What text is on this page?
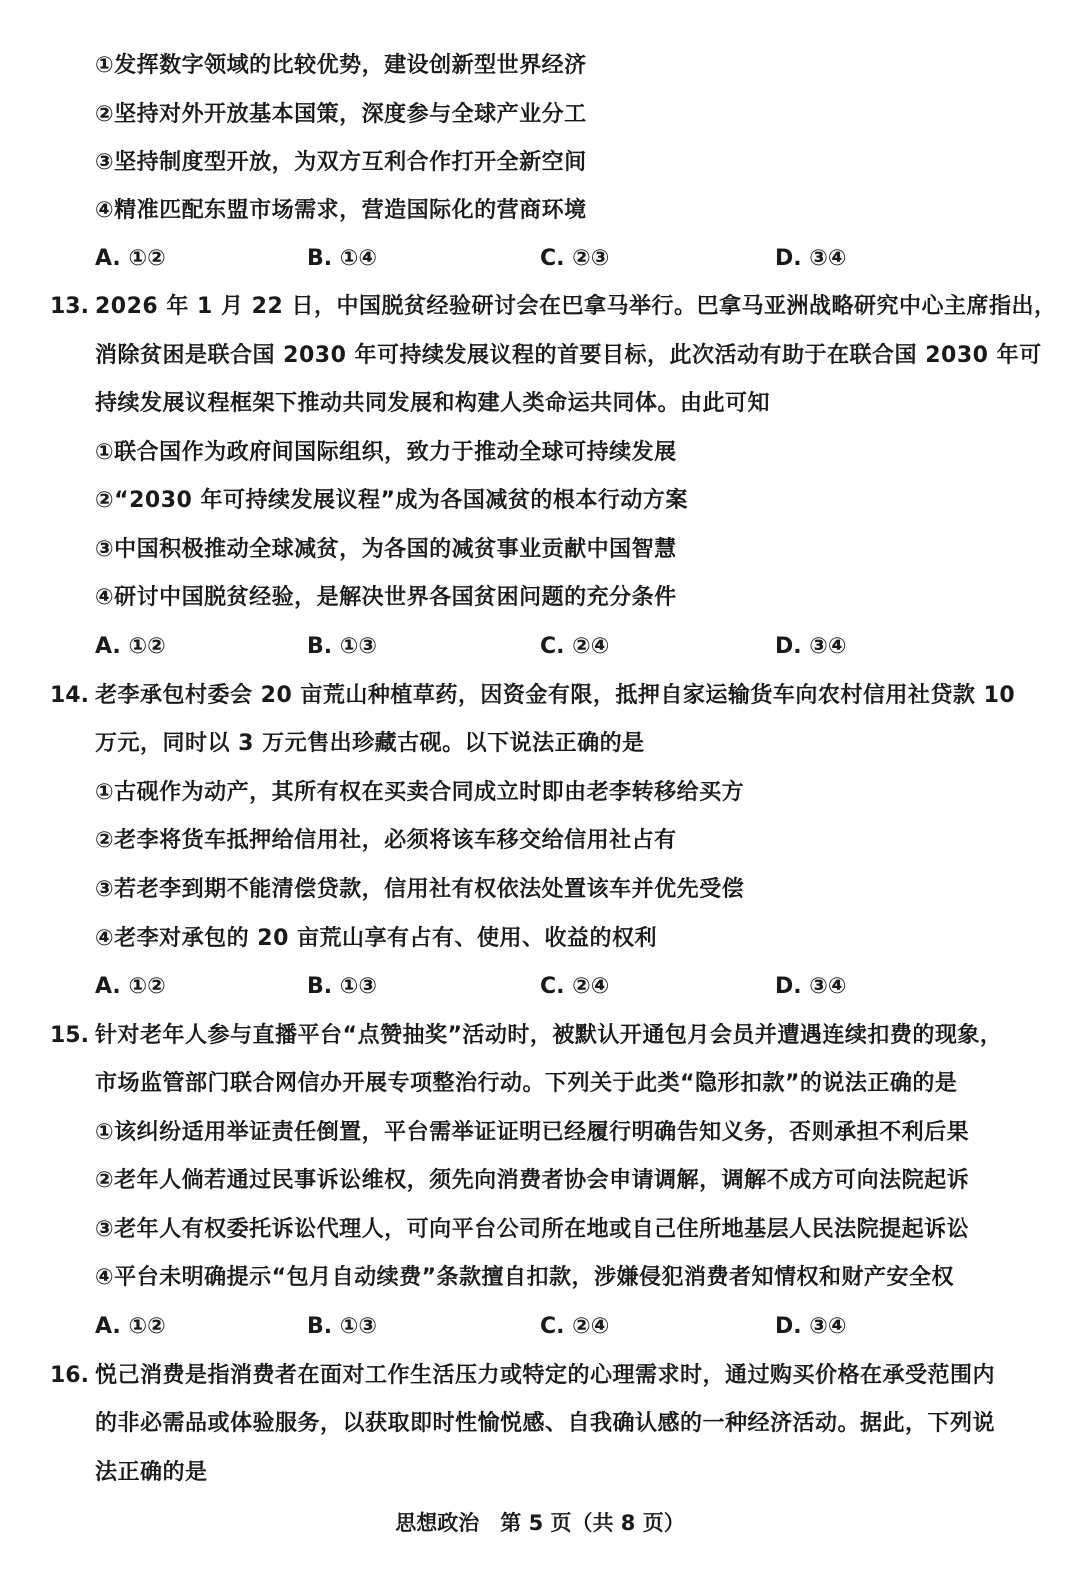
①发挥数字领域的比较优势，建设创新型世界经济
②坚持对外开放基本国策，深度参与全球产业分工
③坚持制度型开放，为双方互利合作打开全新空间
④精准匹配东盟市场需求，营造国际化的营商环境
A. ①②	B. ①④	C. ②③	D. ③④
13. 2026 年 1 月 22 日，中国脱贫经验研讨会在巴拿马举行。巴拿马亚洲战略研究中心主席指出，
消除贫困是联合国 2030 年可持续发展议程的首要目标，此次活动有助于在联合国 2030 年可
持续发展议程框架下推动共同发展和构建人类命运共同体。由此可知
①联合国作为政府间国际组织，致力于推动全球可持续发展
②“2030 年可持续发展议程”成为各国减贫的根本行动方案
③中国积极推动全球减贫，为各国的减贫事业贡献中国智慧
④研讨中国脱贫经验，是解决世界各国贫困问题的充分条件
A. ①②	B. ①③	C. ②④	D. ③④
14. 老李承包村委会 20 亩荒山种植草药，因资金有限，抵押自家运输货车向农村信用社贷款 10
万元，同时以 3 万元售出珍藏古砚。以下说法正确的是
①古砚作为动产，其所有权在买卖合同成立时即由老李转移给买方
②老李将货车抵押给信用社，必须将该车移交给信用社占有
③若老李到期不能清偿贷款，信用社有权依法处置该车并优先受偿
④老李对承包的 20 亩荒山享有占有、使用、收益的权利
A. ①②	B. ①③	C. ②④	D. ③④
15. 针对老年人参与直播平台“点赞抽奖”活动时，被默认开通包月会员并遭遇连续扣费的现象，
市场监管部门联合网信办开展专项整治行动。下列关于此类“隐形扣款”的说法正确的是
①该纠纷适用举证责任倒置，平台需举证证明已经履行明确告知义务，否则承担不利后果
②老年人倘若通过民事诉讼维权，须先向消费者协会申请调解，调解不成方可向法院起诉
③老年人有权委托诉讼代理人，可向平台公司所在地或自己住所地基层人民法院提起诉讼
④平台未明确提示“包月自动续费”条款擅自扣款，涉嫌侵犯消费者知情权和财产安全权
A. ①②	B. ①③	C. ②④	D. ③④
16. 悦己消费是指消费者在面对工作生活压力或特定的心理需求时，通过购买价格在承受范围内
的非必需品或体验服务，以获取即时性愉悦感、自我确认感的一种经济活动。据此，下列说
法正确的是
思想政治　第 5 页（共 8 页）
